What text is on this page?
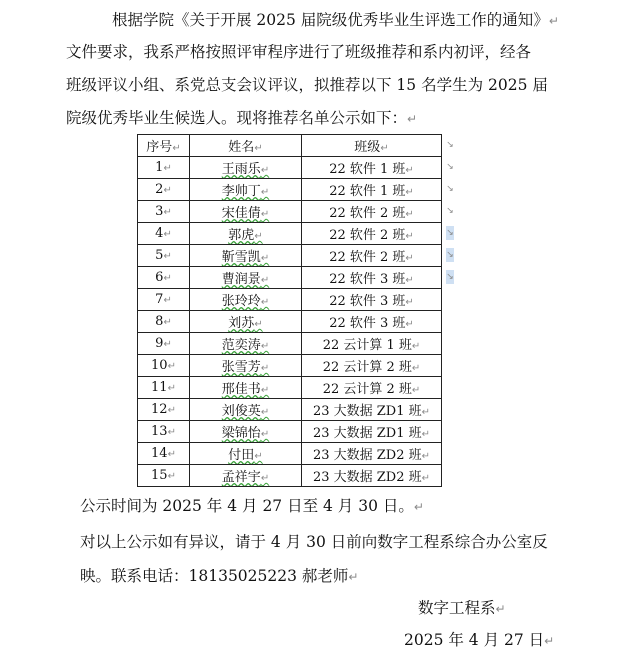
根据学院《关于开展 2025 届院级优秀毕业生评选工作的通知》↵
文件要求，我系严格按照评审程序进行了班级推荐和系内初评，经各
班级评议小组、系党总支会议评议，拟推荐以下 15 名学生为 2025 届
院级优秀毕业生候选人。现将推荐名单公示如下：↵
序号↵	姓名↵	班级↵
1↵	王雨乐↵	22 软件 1 班↵
2↵	李帅丁↵	22 软件 1 班↵
3↵	宋佳倩↵	22 软件 2 班↵
4↵	郭虎↵	22 软件 2 班↵
5↵	靳雪凯↵	22 软件 2 班↵
6↵	曹润景↵	22 软件 3 班↵
7↵	张玲玲↵	22 软件 3 班↵
8↵	刘苏↵	22 软件 3 班↵
9↵	范奕涛↵	22 云计算 1 班↵
10↵	张雪芳↵	22 云计算 2 班↵
11↵	邢佳书↵	22 云计算 2 班↵
12↵	刘俊英↵	23 大数据 ZD1 班↵
13↵	梁锦怡↵	23 大数据 ZD1 班↵
14↵	付田↵	23 大数据 ZD2 班↵
15↵	孟祥宇↵	23 大数据 ZD2 班↵
↘
↘
↘
↘
↘
↘
↘
公示时间为 2025 年 4 月 27 日至 4 月 30 日。↵
对以上公示如有异议，请于 4 月 30 日前向数字工程系综合办公室反
映。联系电话：18135025223 郝老师↵
数字工程系↵
2025 年 4 月 27 日↵
